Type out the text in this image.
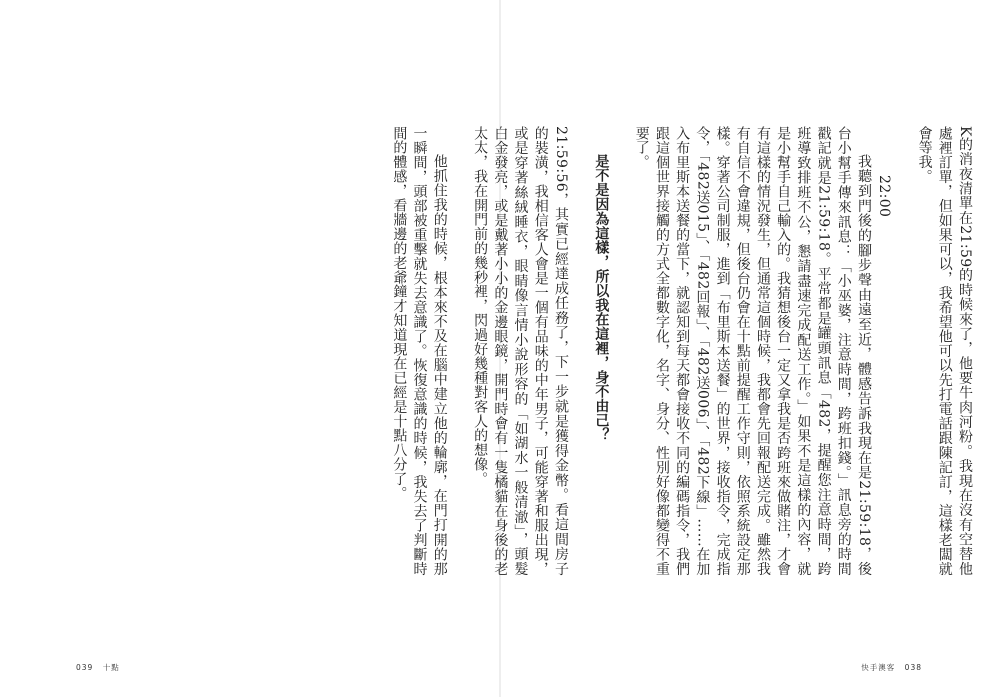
039 十點

K的消夜清單在21:59的時候來了，他要牛肉河粉。我現在沒有空替他處裡訂單，但如果可以，我希望他可以先打電話跟陳記訂，這樣老闆就會等我。

22:00

我聽到門後的腳步聲由遠至近，體感告訴我現在是21:59:18，後台小幫手傳來訊息：「小巫婆，注意時間，跨班扣錢。」訊息旁的時間戳記就是21:59:18。平常都是罐頭訊息「482，提醒您注意時間，跨班導致排班不公，懇請盡速完成配送工作。」如果不是這樣的內容，就是小幫手自己輸入的。我猜想後台一定又拿我是否跨班來做賭注，才會有這樣的情況發生，但通常這個時候，我都會先回報配送完成。雖然我有自信不會違規，但後台仍會在十點前提醒工作守則，依照系統設定那樣。穿著公司制服，進到「布里斯本送餐」的世界，接收指令，完成指令，「482送015」、「482回報」、「482送006」、「482下線」……在加入布里斯本送餐的當下，就認知到每天都會接收不同的編碼指令，我們跟這個世界接觸的方式全都數字化，名字、身分、性別好像都變得不重要了。

是不是因為這樣，所以我在這裡，身不由己？

21:59:56，其實已經達成任務了，下一步就是獲得金幣。看這間房子的裝潢，我相信客人會是一個有品味的中年男子，可能穿著和服出現，或是穿著絲絨睡衣，眼睛像言情小說形容的「如湖水一般清澈」，頭髮白金發亮，或是戴著小小的金邊眼鏡，開門時會有一隻橘貓在身後的老太太，我在開門前的幾秒裡，閃過好幾種對客人的想像。

他抓住我的時候，根本來不及在腦中建立他的輪廓，在門打開的那一瞬間，頭部被重擊就失去意識了。恢復意識的時候，我失去了判斷時間的體感，看牆邊的老爺鐘才知道現在已經是十點八分了。

快手澳客 038
